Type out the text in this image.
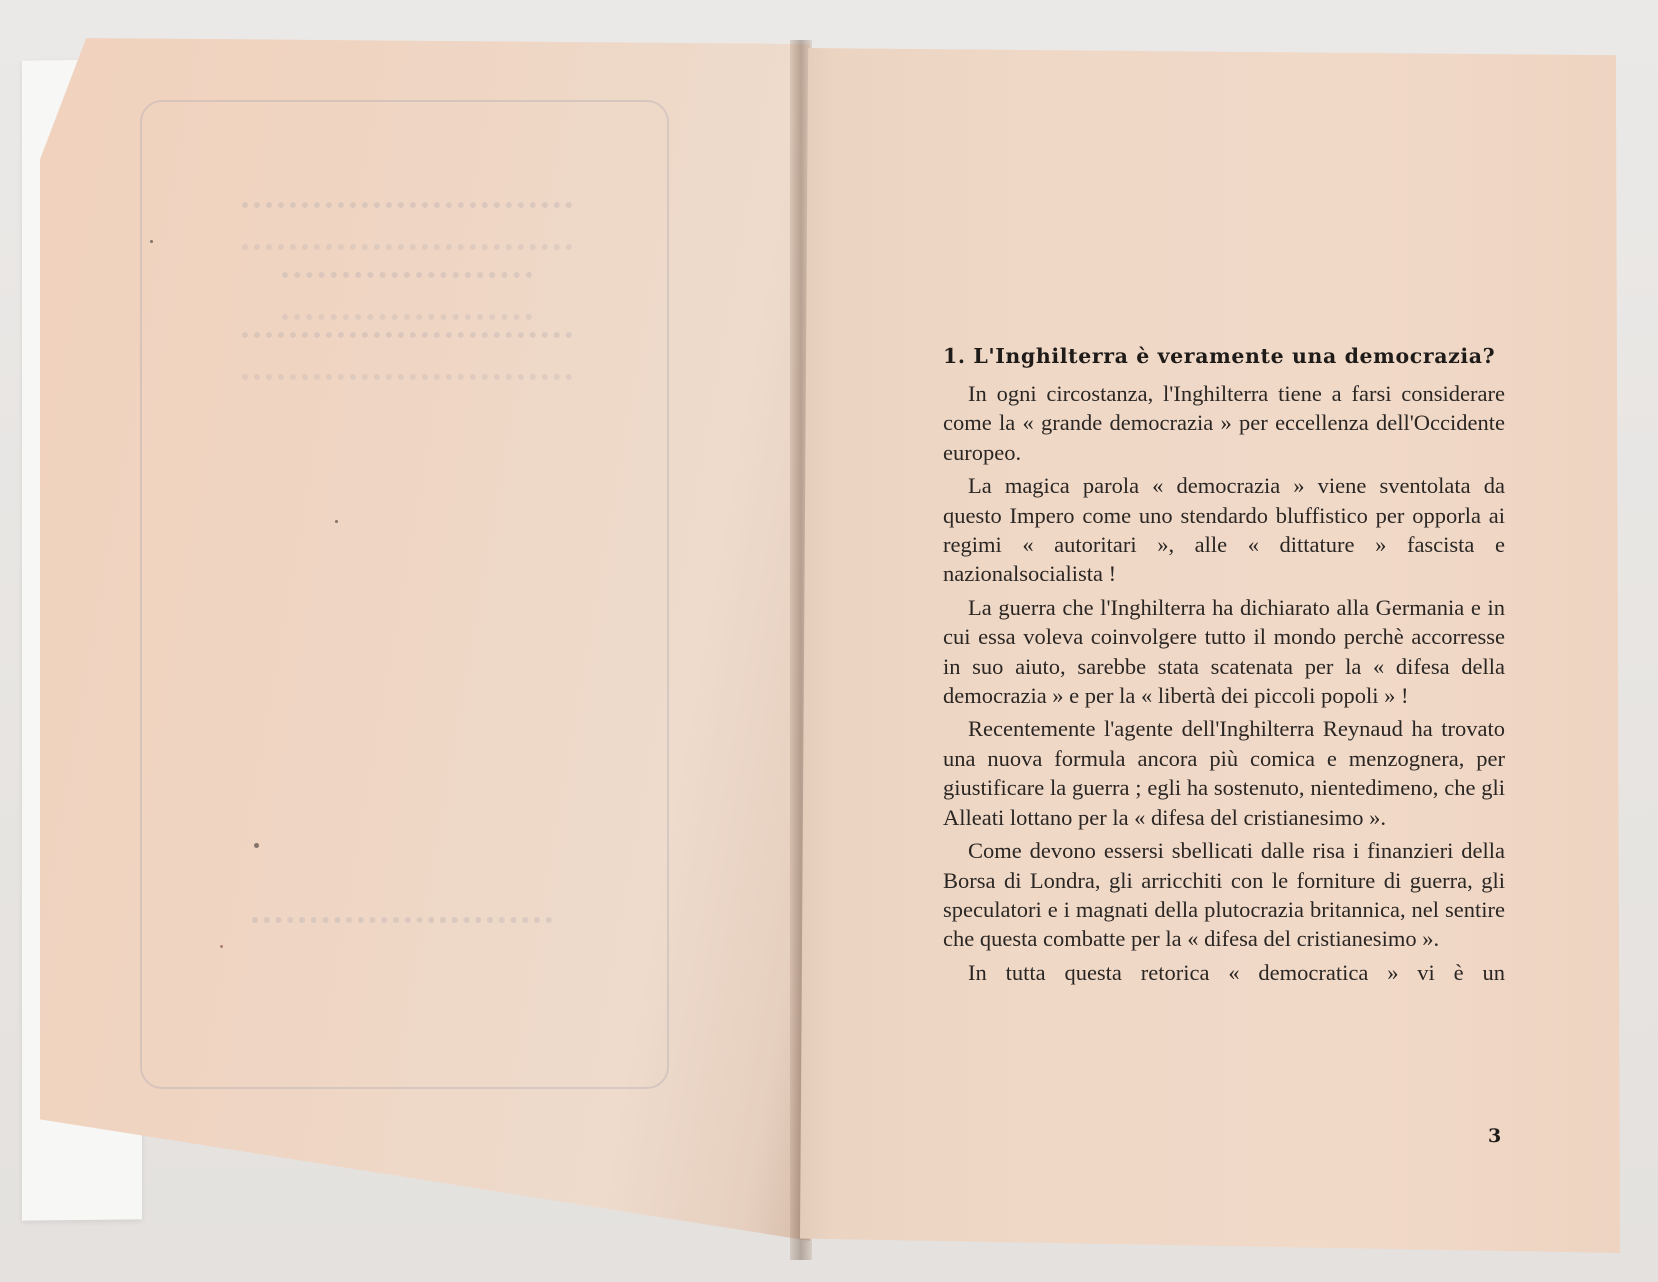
1. L'Inghilterra è veramente una democrazia?

In ogni circostanza, l'Inghilterra tiene a farsi considerare come la « grande democrazia » per eccellenza dell'Occidente europeo.

La magica parola « democrazia » viene sventolata da questo Impero come uno stendardo bluffistico per opporla ai regimi « autoritari », alle « dittature » fascista e nazionalsocialista !

La guerra che l'Inghilterra ha dichiarato alla Germania e in cui essa voleva coinvolgere tutto il mondo perchè accorresse in suo aiuto, sarebbe stata scatenata per la « difesa della democrazia » e per la « libertà dei piccoli popoli » !

Recentemente l'agente dell'Inghilterra Reynaud ha trovato una nuova formula ancora più comica e menzognera, per giustificare la guerra ; egli ha sostenuto, nientedimeno, che gli Alleati lottano per la « difesa del cristianesimo ».

Come devono essersi sbellicati dalle risa i finanzieri della Borsa di Londra, gli arricchiti con le forniture di guerra, gli speculatori e i magnati della plutocrazia britannica, nel sentire che questa combatte per la « difesa del cristianesimo ».

In tutta questa retorica « democratica » vi è un

3
